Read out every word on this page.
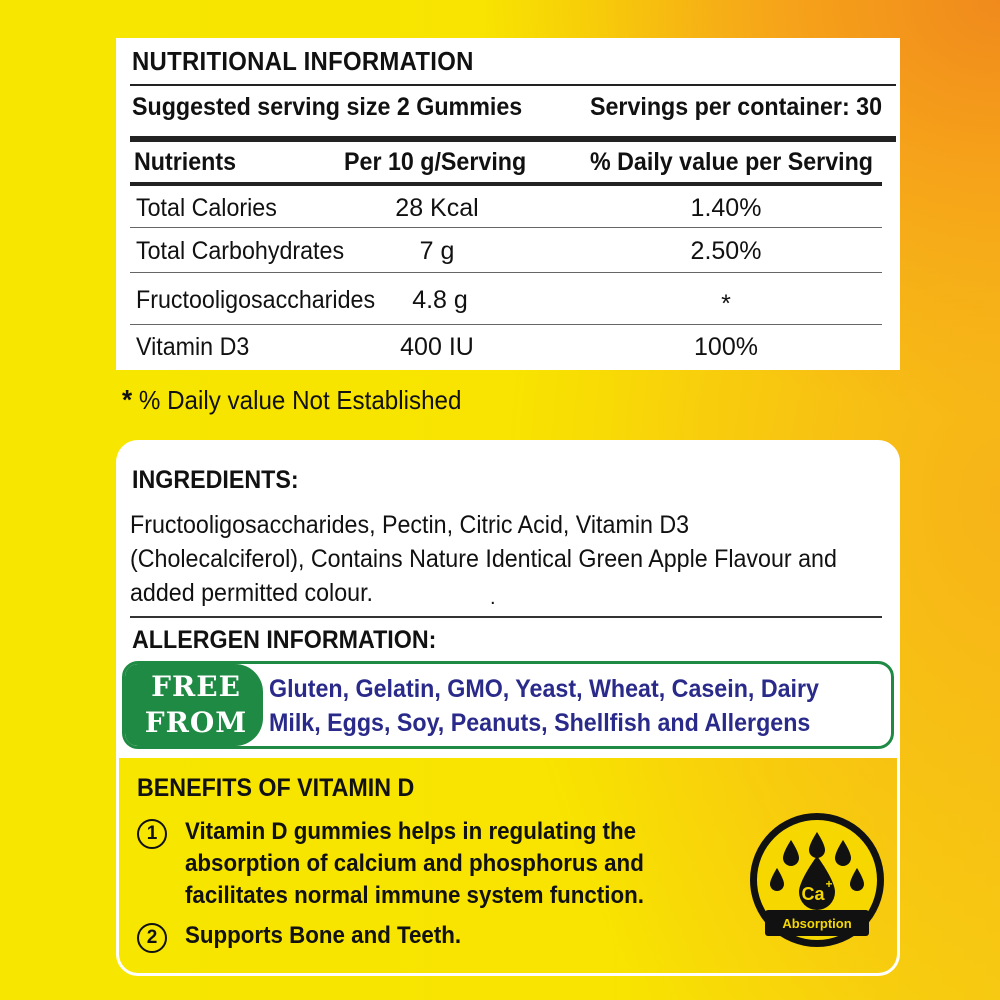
NUTRITIONAL INFORMATION
Suggested serving size 2 Gummies	Servings per container: 30
Nutrients	Per 10 g/Serving	% Daily value per Serving
Total Calories	28 Kcal	1.40%
Total Carbohydrates	7 g	2.50%
Fructooligosaccharides	4.8 g	*
Vitamin D3	400 IU	100%
* % Daily value Not Established
INGREDIENTS:
Fructooligosaccharides, Pectin, Citric Acid, Vitamin D3 (Cholecalciferol), Contains Nature Identical Green Apple Flavour and added permitted colour.	.
ALLERGEN INFORMATION:
FREE
FROM
Gluten, Gelatin, GMO, Yeast, Wheat, Casein, Dairy Milk, Eggs, Soy, Peanuts, Shellfish and Allergens
BENEFITS OF VITAMIN D
1	Vitamin D gummies helps in regulating the absorption of calcium and phosphorus and facilitates normal immune system function.
2	Supports Bone and Teeth.
Ca +
Absorption
